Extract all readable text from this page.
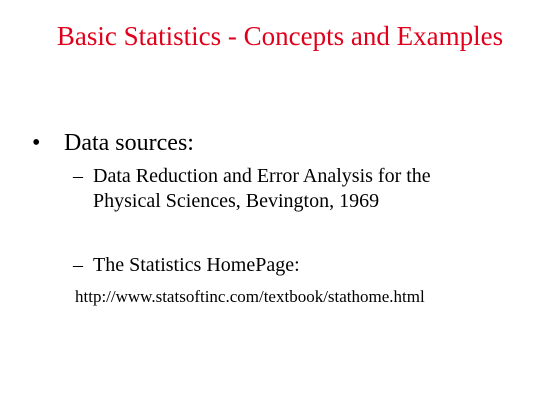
Basic Statistics - Concepts and Examples
• Data sources:
– Data Reduction and Error Analysis for the
Physical Sciences, Bevington, 1969
– The Statistics HomePage:
http://www.statsoftinc.com/textbook/stathome.html
